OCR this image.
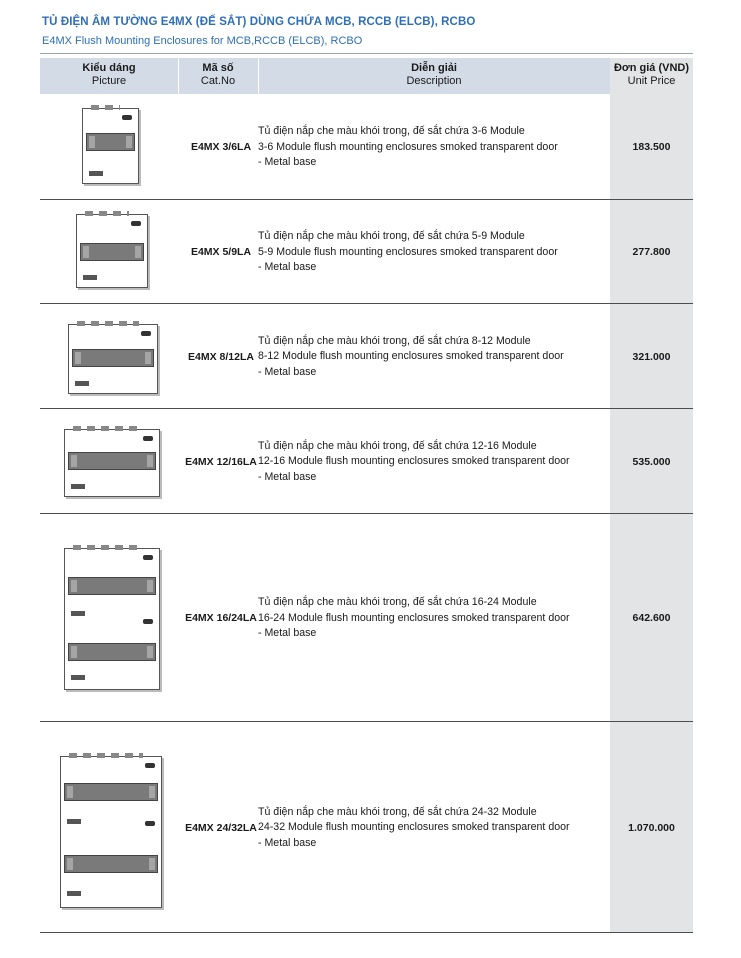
TỦ ĐIỆN ÂM TƯỜNG E4MX (ĐẾ SẮT) DÙNG CHỨA MCB, RCCB (ELCB), RCBO
E4MX Flush Mounting Enclosures for MCB,RCCB (ELCB), RCBO
Kiểu dáng
Picture
Mã số
Cat.No
Diễn giải
Description
Đơn giá (VND)
Unit Price
E4MX 3/6LA
Tủ điện nắp che màu khói trong, đế sắt chứa 3-6 Module
3-6 Module flush mounting enclosures smoked transparent door
- Metal base
183.500
E4MX 5/9LA
Tủ điện nắp che màu khói trong, đế sắt chứa 5-9 Module
5-9 Module flush mounting enclosures smoked transparent door
- Metal base
277.800
E4MX 8/12LA
Tủ điện nắp che màu khói trong, đế sắt chứa 8-12 Module
8-12 Module flush mounting enclosures smoked transparent door
- Metal base
321.000
E4MX 12/16LA
Tủ điện nắp che màu khói trong, đế sắt chứa 12-16 Module
12-16 Module flush mounting enclosures smoked transparent door
- Metal base
535.000
E4MX 16/24LA
Tủ điện nắp che màu khói trong, đế sắt chứa 16-24 Module
16-24 Module flush mounting enclosures smoked transparent door
- Metal base
642.600
E4MX 24/32LA
Tủ điện nắp che màu khói trong, đế sắt chứa 24-32 Module
24-32 Module flush mounting enclosures smoked transparent door
- Metal base
1.070.000
